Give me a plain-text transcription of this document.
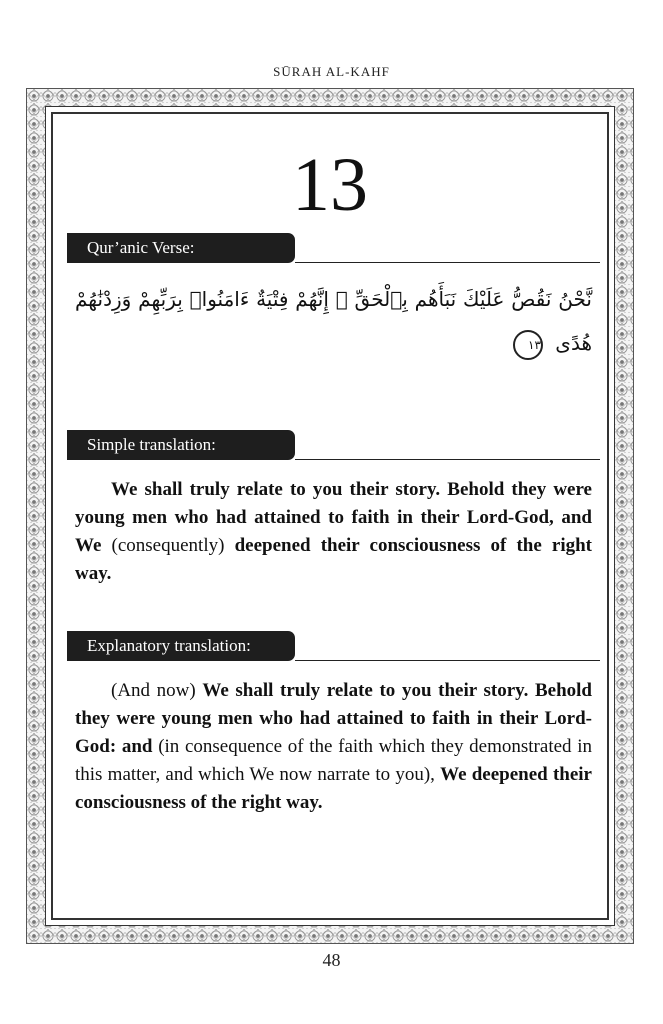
SŪRAH AL-KAHF
13
Qur’anic Verse:
نَّحْنُ نَقُصُّ عَلَيْكَ نَبَأَهُم بِٱلْحَقِّ ۚ إِنَّهُمْ فِتْيَةٌ ءَامَنُوا۟ بِرَبِّهِمْ وَزِدْنَٰهُمْ هُدًى ١٣
Simple translation:

We shall truly relate to you their story. Behold they were young men who had attained to faith in their Lord-God, and We (consequently) deepened their consciousness of the right way.

Explanatory translation:

(And now) We shall truly relate to you their story. Behold they were young men who had attained to faith in their Lord-God: and (in consequence of the faith which they demonstrated in this matter, and which We now narrate to you), We deepened their consciousness of the right way.

48
